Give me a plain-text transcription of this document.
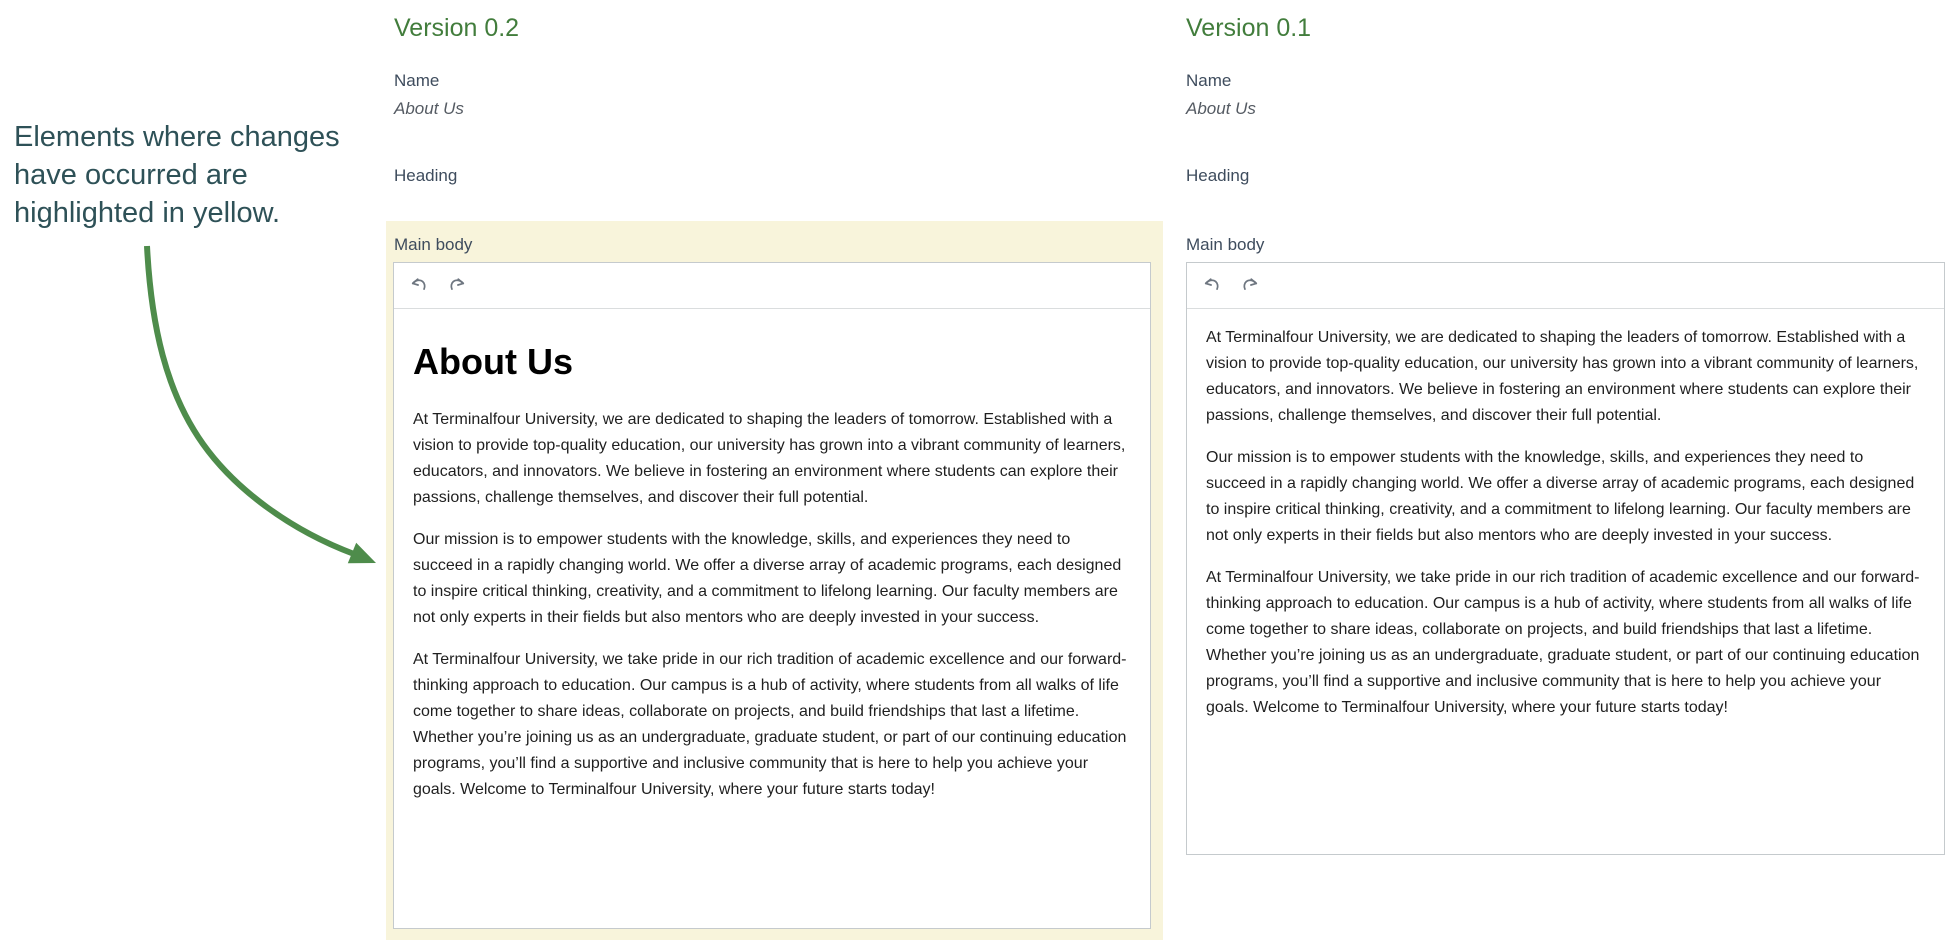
Elements where changes have occurred are highlighted in yellow.
Version 0.2
Name
About Us
Heading
Main body
About Us

At Terminalfour University, we are dedicated to shaping the leaders of tomorrow. Established with a vision to provide top-quality education, our university has grown into a vibrant community of learners, educators, and innovators. We believe in fostering an environment where students can explore their passions, challenge themselves, and discover their full potential.

Our mission is to empower students with the knowledge, skills, and experiences they need to succeed in a rapidly changing world. We offer a diverse array of academic programs, each designed to inspire critical thinking, creativity, and a commitment to lifelong learning. Our faculty members are not only experts in their fields but also mentors who are deeply invested in your success.

At Terminalfour University, we take pride in our rich tradition of academic excellence and our forward-thinking approach to education. Our campus is a hub of activity, where students from all walks of life come together to share ideas, collaborate on projects, and build friendships that last a lifetime. Whether you’re joining us as an undergraduate, graduate student, or part of our continuing education programs, you’ll find a supportive and inclusive community that is here to help you achieve your goals. Welcome to Terminalfour University, where your future starts today!

Version 0.1
Name
About Us
Heading
Main body

At Terminalfour University, we are dedicated to shaping the leaders of tomorrow. Established with a vision to provide top-quality education, our university has grown into a vibrant community of learners, educators, and innovators. We believe in fostering an environment where students can explore their passions, challenge themselves, and discover their full potential.

Our mission is to empower students with the knowledge, skills, and experiences they need to succeed in a rapidly changing world. We offer a diverse array of academic programs, each designed to inspire critical thinking, creativity, and a commitment to lifelong learning. Our faculty members are not only experts in their fields but also mentors who are deeply invested in your success.

At Terminalfour University, we take pride in our rich tradition of academic excellence and our forward-thinking approach to education. Our campus is a hub of activity, where students from all walks of life come together to share ideas, collaborate on projects, and build friendships that last a lifetime. Whether you’re joining us as an undergraduate, graduate student, or part of our continuing education programs, you’ll find a supportive and inclusive community that is here to help you achieve your goals. Welcome to Terminalfour University, where your future starts today!
